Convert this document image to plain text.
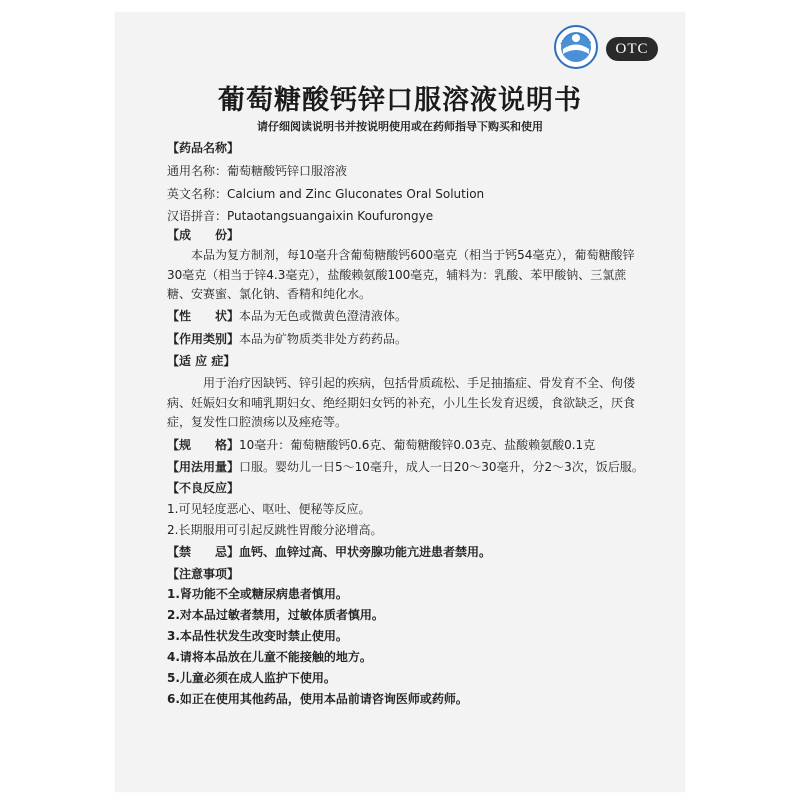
OTC
葡萄糖酸钙锌口服溶液说明书
请仔细阅读说明书并按说明使用或在药师指导下购买和使用
【药品名称】
通用名称：葡萄糖酸钙锌口服溶液
英文名称：Calcium and Zinc Gluconates Oral Solution
汉语拼音：Putaotangsuangaixin Koufurongye
【成　　份】
本品为复方制剂，每10毫升含葡萄糖酸钙600毫克（相当于钙54毫克），葡萄糖酸锌30毫克（相当于锌4.3毫克），盐酸赖氨酸100毫克，辅料为：乳酸、苯甲酸钠、三氯蔗糖、安赛蜜、氯化钠、香精和纯化水。
【性　　状】本品为无色或微黄色澄清液体。
【作用类别】本品为矿物质类非处方药药品。
【适 应 症】
用于治疗因缺钙、锌引起的疾病，包括骨质疏松、手足抽搐症、骨发育不全、佝偻病、妊娠妇女和哺乳期妇女、绝经期妇女钙的补充，小儿生长发育迟缓，食欲缺乏，厌食症，复发性口腔溃疡以及痤疮等。
【规　　格】10毫升：葡萄糖酸钙0.6克、葡萄糖酸锌0.03克、盐酸赖氨酸0.1克
【用法用量】口服。婴幼儿一日5～10毫升，成人一日20～30毫升，分2～3次，饭后服。
【不良反应】
1.可见轻度恶心、呕吐、便秘等反应。
2.长期服用可引起反跳性胃酸分泌增高。
【禁　　忌】血钙、血锌过高、甲状旁腺功能亢进患者禁用。
【注意事项】
1.肾功能不全或糖尿病患者慎用。
2.对本品过敏者禁用，过敏体质者慎用。
3.本品性状发生改变时禁止使用。
4.请将本品放在儿童不能接触的地方。
5.儿童必须在成人监护下使用。
6.如正在使用其他药品，使用本品前请咨询医师或药师。
